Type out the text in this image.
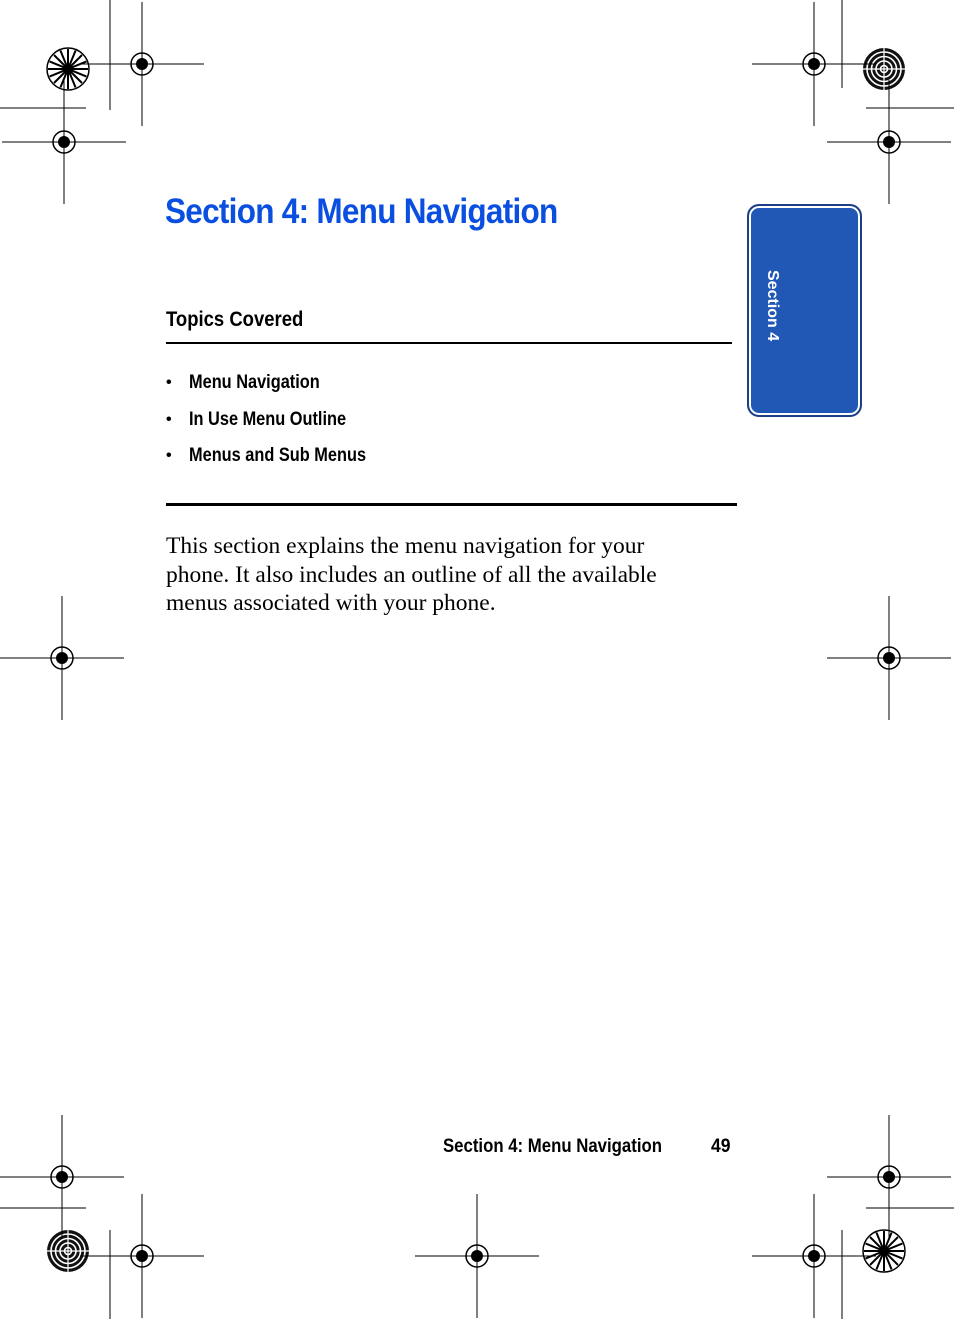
Section 4
Section 4: Menu Navigation
Topics Covered
• Menu Navigation
• In Use Menu Outline
• Menus and Sub Menus

This section explains the menu navigation for your
phone. It also includes an outline of all the available
menus associated with your phone.

Section 4: Menu Navigation	49
